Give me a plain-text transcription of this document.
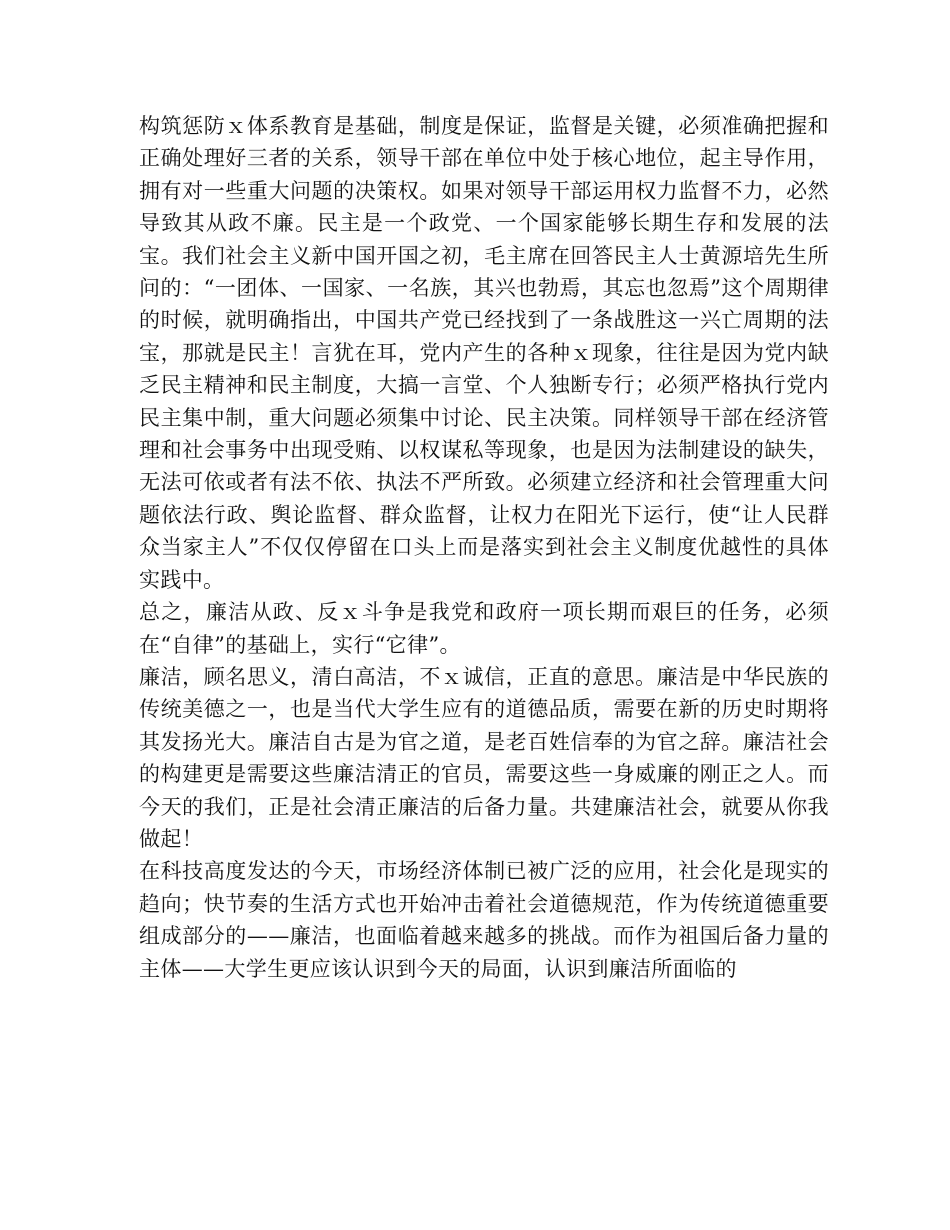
构筑惩防ｘ体系教育是基础，制度是保证，监督是关键，必须准确把握和正确处理好三者的关系，领导干部在单位中处于核心地位，起主导作用，拥有对一些重大问题的决策权。如果对领导干部运用权力监督不力，必然导致其从政不廉。民主是一个政党、一个国家能够长期生存和发展的法宝。我们社会主义新中国开国之初，毛主席在回答民主人士黄源培先生所问的：“一团体、一国家、一名族，其兴也勃焉，其忘也忽焉”这个周期律的时候，就明确指出，中国共产党已经找到了一条战胜这一兴亡周期的法宝，那就是民主！言犹在耳，党内产生的各种ｘ现象，往往是因为党内缺乏民主精神和民主制度，大搞一言堂、个人独断专行；必须严格执行党内民主集中制，重大问题必须集中讨论、民主决策。同样领导干部在经济管理和社会事务中出现受贿、以权谋私等现象，也是因为法制建设的缺失，无法可依或者有法不依、执法不严所致。必须建立经济和社会管理重大问题依法行政、舆论监督、群众监督，让权力在阳光下运行，使“让人民群众当家主人”不仅仅停留在口头上而是落实到社会主义制度优越性的具体实践中。

总之，廉洁从政、反ｘ斗争是我党和政府一项长期而艰巨的任务，必须在“自律”的基础上，实行“它律”。

廉洁，顾名思义，清白高洁，不ｘ诚信，正直的意思。廉洁是中华民族的传统美德之一，也是当代大学生应有的道德品质，需要在新的历史时期将其发扬光大。廉洁自古是为官之道，是老百姓信奉的为官之辞。廉洁社会的构建更是需要这些廉洁清正的官员，需要这些一身威廉的刚正之人。而今天的我们，正是社会清正廉洁的后备力量。共建廉洁社会，就要从你我做起！

在科技高度发达的今天，市场经济体制已被广泛的应用，社会化是现实的趋向；快节奏的生活方式也开始冲击着社会道德规范，作为传统道德重要组成部分的——廉洁，也面临着越来越多的挑战。而作为祖国后备力量的主体——大学生更应该认识到今天的局面，认识到廉洁所面临的
